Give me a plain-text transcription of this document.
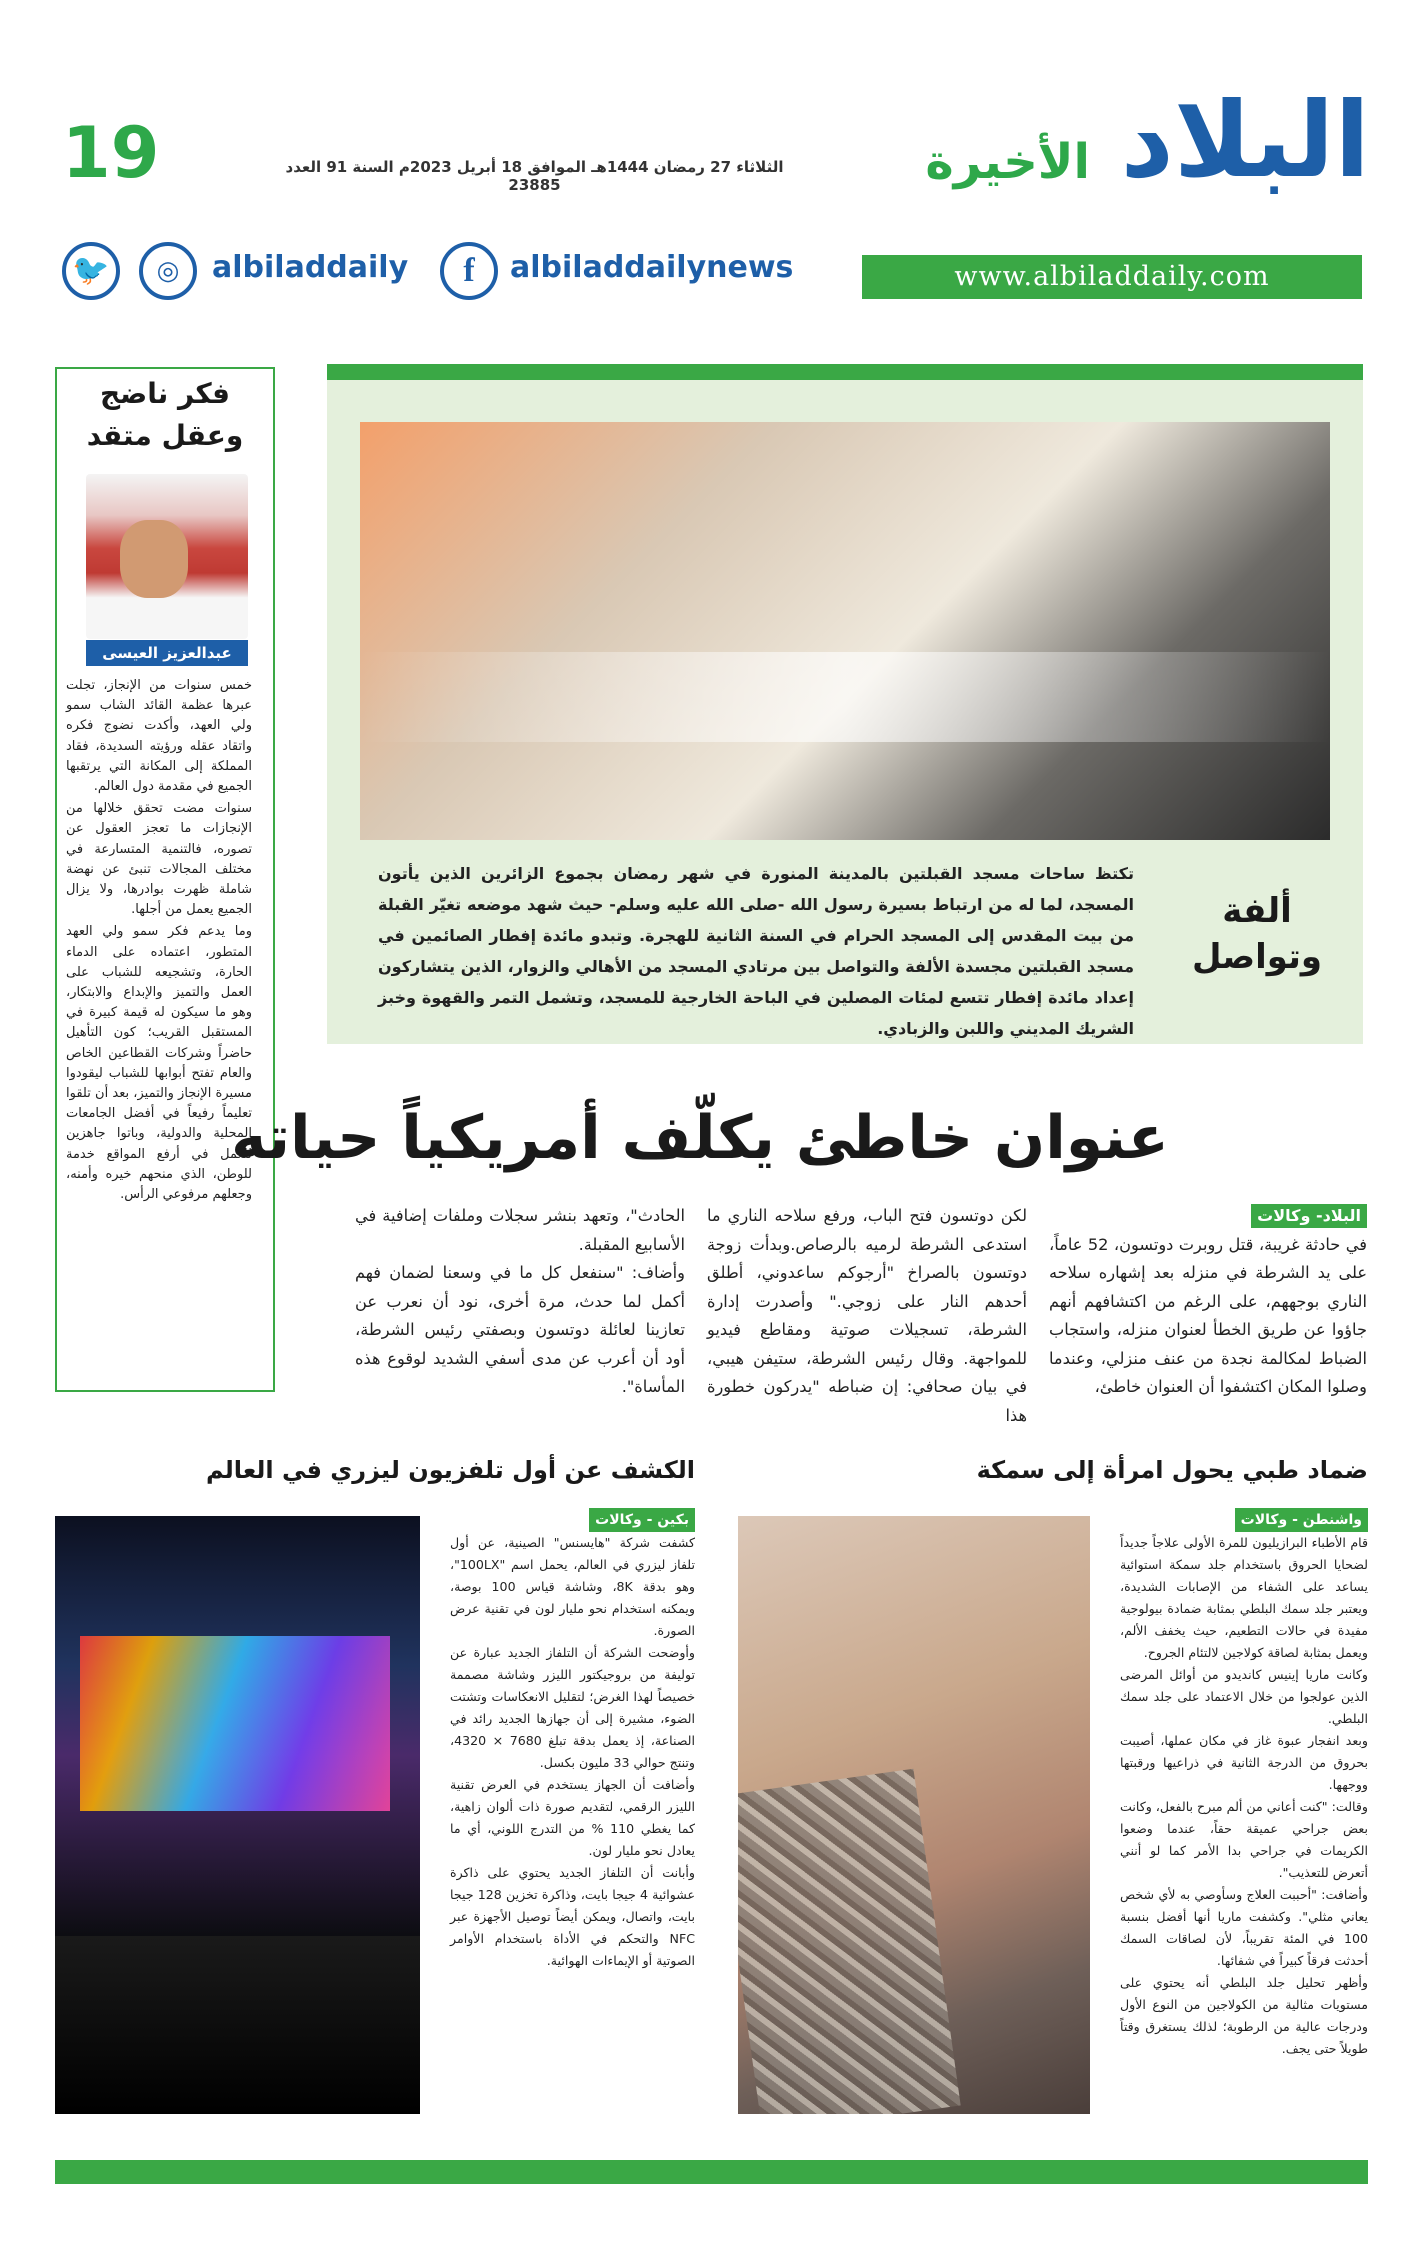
البلاد
الأخيرة
19	الثلاثاء 27 رمضان 1444هـ الموافق 18 أبريل 2023م السنة 91 العدد 23885
www.albiladdaily.com
🐦	◎	albiladdaily	f	albiladdailynews
تكتظ ساحات مسجد القبلتين بالمدينة المنورة في شهر رمضان بجموع الزائرين الذين يأتون المسجد، لما له من ارتباط بسيرة رسول الله -صلى الله عليه وسلم- حيث شهد موضعه تغيّر القبلة من بيت المقدس إلى المسجد الحرام في السنة الثانية للهجرة. وتبدو مائدة إفطار الصائمين في مسجد القبلتين مجسدة الألفة والتواصل بين مرتادي المسجد من الأهالي والزوار، الذين يتشاركون إعداد مائدة إفطار تتسع لمئات المصلين في الباحة الخارجية للمسجد، وتشمل التمر والقهوة وخبز الشريك المديني واللبن والزبادي.
ألفة وتواصل
فكر ناضج وعقل متقد
عبدالعزيز العيسى

خمس سنوات من الإنجاز، تجلت عبرها عظمة القائد الشاب سمو ولي العهد، وأكدت نضوج فكره واتقاد عقله ورؤيته السديدة، فقاد المملكة إلى المكانة التي يرتقبها الجميع في مقدمة دول العالم.

سنوات مضت تحقق خلالها من الإنجازات ما تعجز العقول عن تصوره، فالتنمية المتسارعة في مختلف المجالات تنبئ عن نهضة شاملة ظهرت بوادرها، ولا يزال الجميع يعمل من أجلها.

وما يدعم فكر سمو ولي العهد المتطور، اعتماده على الدماء الحارة، وتشجيعه للشباب على العمل والتميز والإبداع والابتكار، وهو ما سيكون له قيمة كبيرة في المستقبل القريب؛ كون التأهيل حاضراً وشركات القطاعين الخاص والعام تفتح أبوابها للشباب ليقودوا مسيرة الإنجاز والتميز، بعد أن تلقوا تعليماً رفيعاً في أفضل الجامعات المحلية والدولية، وباتوا جاهزين للعمل في أرفع المواقع خدمة للوطن، الذي منحهم خيره وأمنه، وجعلهم مرفوعي الرأس.

عنوان خاطئ يكلّف أمريكياً حياته
البلاد- وكالات
في حادثة غريبة، قتل روبرت دوتسون، 52 عاماً، على يد الشرطة في منزله بعد إشهاره سلاحه الناري بوجههم، على الرغم من اكتشافهم أنهم جاؤوا عن طريق الخطأ لعنوان منزله، واستجاب الضباط لمكالمة نجدة من عنف منزلي، وعندما وصلوا المكان اكتشفوا أن العنوان خاطئ،
لكن دوتسون فتح الباب، ورفع سلاحه الناري ما استدعى الشرطة لرميه بالرصاص.وبدأت زوجة دوتسون بالصراخ "أرجوكم ساعدوني، أطلق أحدهم النار على زوجي." وأصدرت إدارة الشرطة، تسجيلات صوتية ومقاطع فيديو للمواجهة. وقال رئيس الشرطة، ستيفن هيبي، في بيان صحافي: إن ضباطه "يدركون خطورة هذا
الحادث"، وتعهد بنشر سجلات وملفات إضافية في الأسابيع المقبلة.
وأضاف: "سنفعل كل ما في وسعنا لضمان فهم أكمل لما حدث، مرة أخرى، نود أن نعرب عن تعازينا لعائلة دوتسون وبصفتي رئيس الشرطة، أود أن أعرب عن مدى أسفي الشديد لوقوع هذه المأساة".
ضماد طبي يحول امرأة إلى سمكة
واشنطن - وكالات

قام الأطباء البرازيليون للمرة الأولى علاجاً جديداً لضحايا الحروق باستخدام جلد سمكة استوائية يساعد على الشفاء من الإصابات الشديدة، ويعتبر جلد سمك البلطي بمثابة ضمادة بيولوجية مفيدة في حالات التطعيم، حيث يخفف الألم، ويعمل بمثابة لصاقة كولاجين لالتئام الجروح.

وكانت ماريا إينيس كانديدو من أوائل المرضى الذين عولجوا من خلال الاعتماد على جلد سمك البلطي.

وبعد انفجار عبوة غاز في مكان عملها، أصيبت بحروق من الدرجة الثانية في ذراعيها ورقبتها ووجهها.

وقالت: "كنت أعاني من ألم مبرح بالفعل، وكانت بعض جراحي عميقة حقاً، عندما وضعوا الكريمات في جراحي بدا الأمر كما لو أنني أتعرض للتعذيب".

وأضافت: "أحببت العلاج وسأوصي به لأي شخص يعاني مثلي". وكشفت ماريا أنها أفضل بنسبة 100 في المئة تقريباً، لأن لصاقات السمك أحدثت فرقاً كبيراً في شفائها.

وأظهر تحليل جلد البلطي أنه يحتوي على مستويات مثالية من الكولاجين من النوع الأول ودرجات عالية من الرطوبة؛ لذلك يستغرق وقتاً طويلاً حتى يجف.

الكشف عن أول تلفزيون ليزري في العالم
بكين - وكالات

كشفت شركة "هايسنس" الصينية، عن أول تلفاز ليزري في العالم، يحمل اسم "100LX"، وهو بدقة 8K، وشاشة قياس 100 بوصة، ويمكنه استخدام نحو مليار لون في تقنية عرض الصورة.

وأوضحت الشركة أن التلفاز الجديد عبارة عن توليفة من بروجيكتور الليزر وشاشة مصممة خصيصاً لهذا الغرض؛ لتقليل الانعكاسات وتشتت الضوء، مشيرة إلى أن جهازها الجديد رائد في الصناعة، إذ يعمل بدقة تبلغ 7680 × 4320، وتنتج حوالي 33 مليون بكسل.

وأضافت أن الجهاز يستخدم في العرض تقنية الليزر الرقمي، لتقديم صورة ذات ألوان زاهية، كما يغطي 110 % من التدرج اللوني، أي ما يعادل نحو مليار لون.

وأبانت أن التلفاز الجديد يحتوي على ذاكرة عشوائية 4 جيجا بايت، وذاكرة تخزين 128 جيجا بايت، واتصال، ويمكن أيضاً توصيل الأجهزة عبر NFC والتحكم في الأداة باستخدام الأوامر الصوتية أو الإيماءات الهوائية.
